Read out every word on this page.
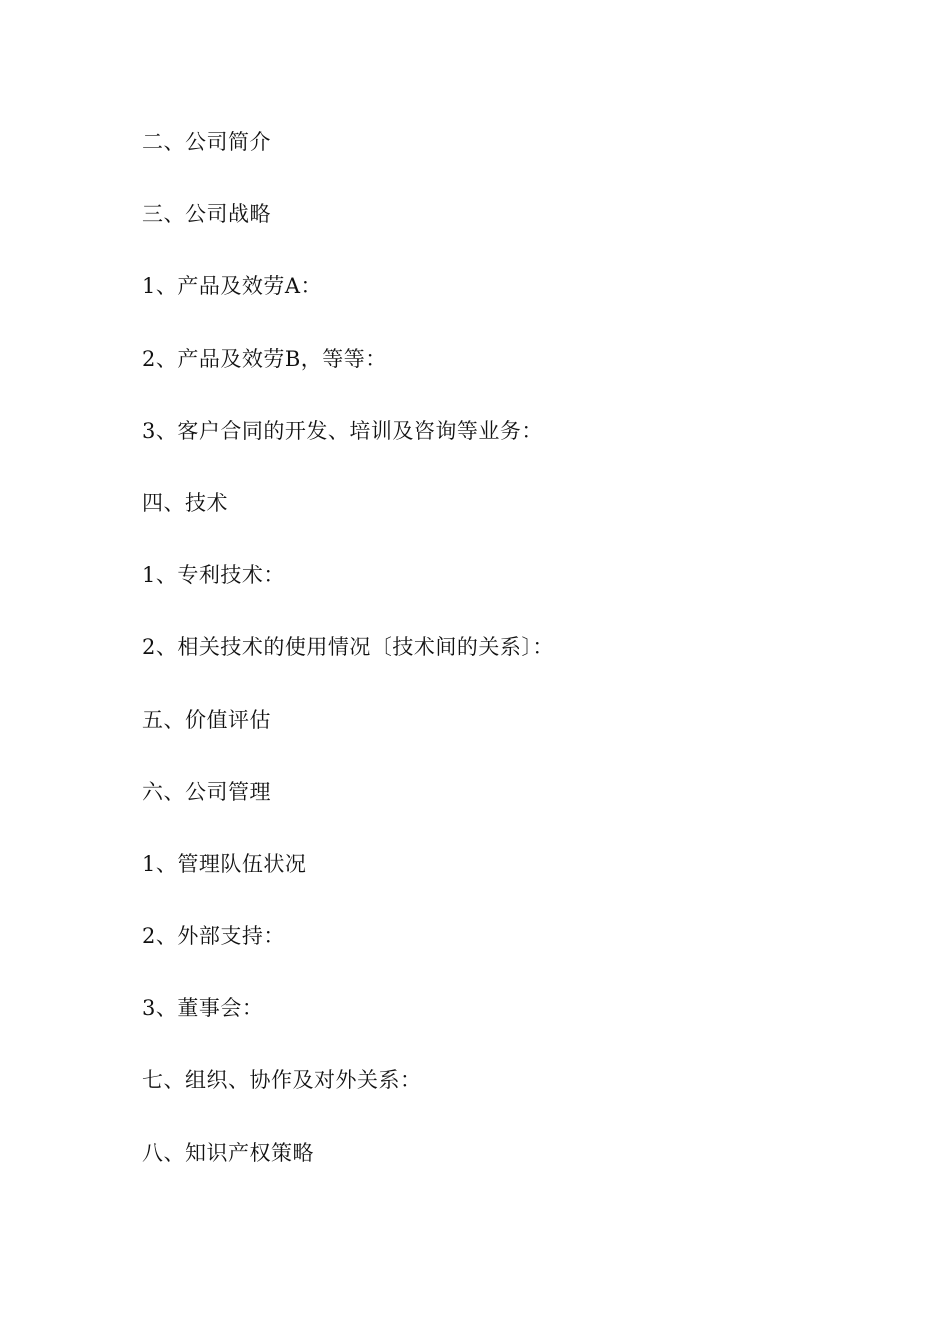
二、公司简介
三、公司战略
1、产品及效劳A：
2、产品及效劳B，等等：
3、客户合同的开发、培训及咨询等业务：
四、技术
1、专利技术：
2、相关技术的使用情况〔技术间的关系〕：
五、价值评估
六、公司管理
1、管理队伍状况
2、外部支持：
3、董事会：
七、组织、协作及对外关系：
八、知识产权策略
